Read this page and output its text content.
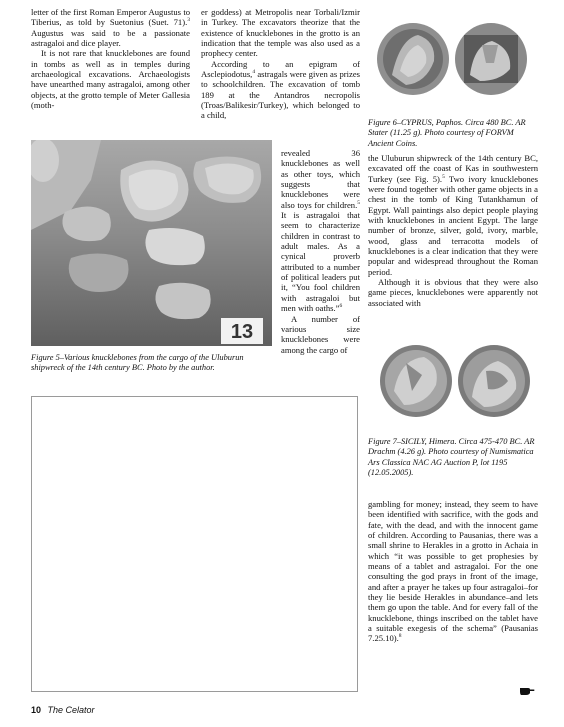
letter of the first Roman Emperor Augustus to Tiberius, as told by Suetonius (Suet. 71).$^3$ Augustus was said to be a passionate astragaloi and dice player.

It is not rare that knucklebones are found in tombs as well as in temples during archaeological excavations. Archaeologists have unearthed many astragaloi, among other objects, at the grotto temple of Meter Gallesia (moth-

er goddess) at Metropolis near Torbali/Izmir in Turkey. The excavators theorize that the existence of knucklebones in the grotto is an indication that the temple was also used as a prophecy center.

According to an epigram of Asclepiodotus,$^4$ astragals were given as prizes to schoolchildren. The excavation of tomb 189 at the Antandros necropolis (Troas/Balikesir/Turkey), which belonged to a child,

13

revealed 36 knucklebones as well as other toys, which suggests that knucklebones were also toys for children.$^5$ It is astragaloi that seem to characterize children in contrast to adult males. As a cynical proverb attributed to a number of political leaders put it, “You fool children with astragaloi but men with oaths.”$^6$

A number of various size knucklebones were among the cargo of

Figure 5–Various knucklebones from the cargo of the Uluburun shipwreck of the 14th century BC. Photo by the author.

Figure 6–CYPRUS, Paphos. Circa 480 BC. AR Stater (11.25 g). Photo courtesy of FORVM Ancient Coins.

the Uluburun shipwreck of the 14th century BC, excavated off the coast of Kas in southwestern Turkey (see Fig. 5).$^5$ Two ivory knucklebones were found together with other game objects in a chest in the tomb of King Tutankhamun of Egypt. Wall paintings also depict people playing with knucklebones in ancient Egypt. The large number of bronze, silver, gold, ivory, marble, wood, glass and terracotta models of knucklebones is a clear indication that they were popular and widespread throughout the Roman period.

Although it is obvious that they were also game pieces, knucklebones were apparently not associated with

Figure 7–SICILY, Himera. Circa 475-470 BC. AR Drachm (4.26 g). Photo courtesy of Numismatica Ars Classica NAC AG Auction P, lot 1195 (12.05.2005).

gambling for money; instead, they seem to have been identified with sacrifice, with the gods and fate, with the dead, and with the innocent game of children. According to Pausanias, there was a small shrine to Herakles in a grotto in Achaia in which “it was possible to get prophesies by means of a tablet and astragaloi. For the one consulting the god prays in front of the image, and after a prayer he takes up four astragaloi–for they lie beside Herakles in abundance–and lets them go upon the table. And for every fall of the knucklebone, things inscribed on the tablet have a suitable exegesis of the schema” (Pausanias 7.25.10).$^8$

10 The Celator
